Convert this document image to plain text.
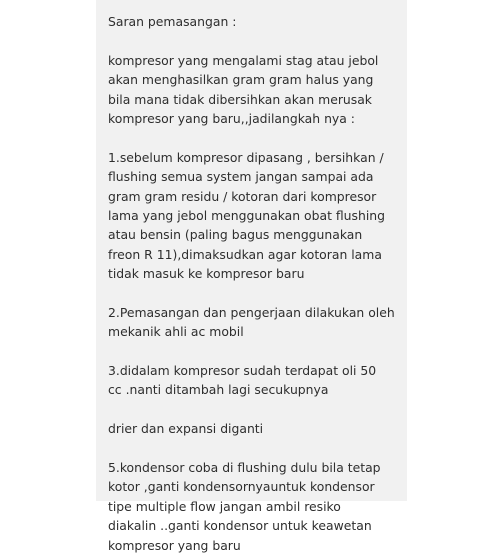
Saran pemasangan :
kompresor yang mengalami stag atau jebol
akan menghasilkan gram gram halus yang
bila mana tidak dibersihkan akan merusak
kompresor yang baru,,jadilangkah nya :
1.sebelum kompresor dipasang , bersihkan /
flushing semua system jangan sampai ada
gram gram residu / kotoran dari kompresor
lama yang jebol menggunakan obat flushing
atau bensin (paling bagus menggunakan
freon R 11),dimaksudkan agar kotoran lama
tidak masuk ke kompresor baru
2.Pemasangan dan pengerjaan dilakukan oleh
mekanik ahli ac mobil
3.didalam kompresor sudah terdapat oli 50
cc .nanti ditambah lagi secukupnya
drier dan expansi diganti
5.kondensor coba di flushing dulu bila tetap
kotor ,ganti kondensornyauntuk kondensor
tipe multiple flow jangan ambil resiko
diakalin ..ganti kondensor untuk keawetan
kompresor yang baru
